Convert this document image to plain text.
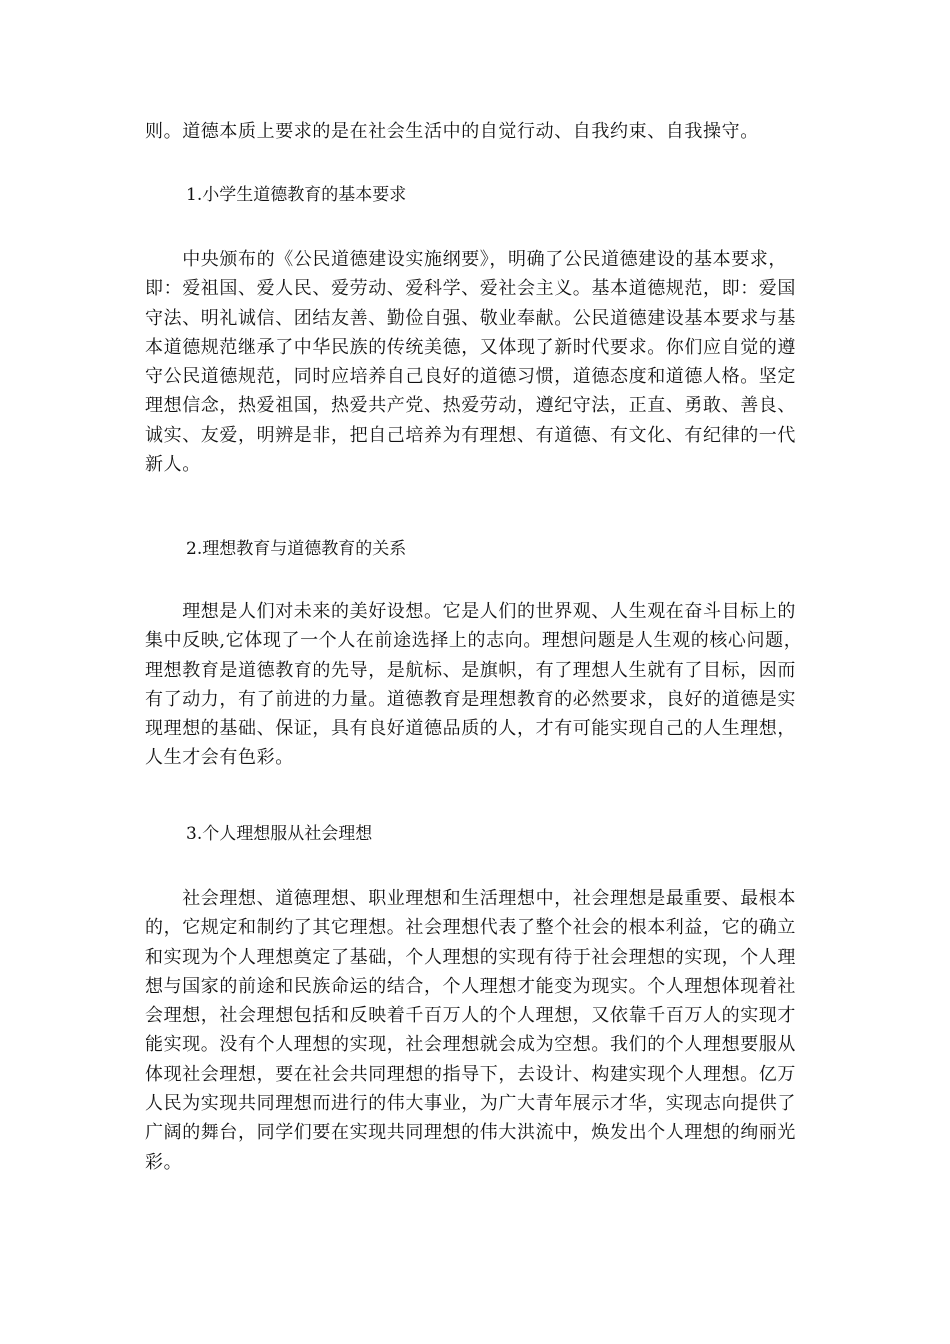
则。道德本质上要求的是在社会生活中的自觉行动、自我约束、自我操守。
1.小学生道德教育的基本要求
　　中央颁布的《公民道德建设实施纲要》，明确了公民道德建设的基本要求，
即：爱祖国、爱人民、爱劳动、爱科学、爱社会主义。基本道德规范，即：爱国
守法、明礼诚信、团结友善、勤俭自强、敬业奉献。公民道德建设基本要求与基
本道德规范继承了中华民族的传统美德，又体现了新时代要求。你们应自觉的遵
守公民道德规范，同时应培养自己良好的道德习惯，道德态度和道德人格。坚定
理想信念，热爱祖国，热爱共产党、热爱劳动，遵纪守法，正直、勇敢、善良、
诚实、友爱，明辨是非，把自己培养为有理想、有道德、有文化、有纪律的一代
新人。
2.理想教育与道德教育的关系
　　理想是人们对未来的美好设想。它是人们的世界观、人生观在奋斗目标上的
集中反映,它体现了一个人在前途选择上的志向。理想问题是人生观的核心问题，
理想教育是道德教育的先导，是航标、是旗帜，有了理想人生就有了目标，因而
有了动力，有了前进的力量。道德教育是理想教育的必然要求，良好的道德是实
现理想的基础、保证，具有良好道德品质的人，才有可能实现自己的人生理想，
人生才会有色彩。
3.个人理想服从社会理想
　　社会理想、道德理想、职业理想和生活理想中，社会理想是最重要、最根本
的，它规定和制约了其它理想。社会理想代表了整个社会的根本利益，它的确立
和实现为个人理想奠定了基础，个人理想的实现有待于社会理想的实现，个人理
想与国家的前途和民族命运的结合，个人理想才能变为现实。个人理想体现着社
会理想，社会理想包括和反映着千百万人的个人理想，又依靠千百万人的实现才
能实现。没有个人理想的实现，社会理想就会成为空想。我们的个人理想要服从
体现社会理想，要在社会共同理想的指导下，去设计、构建实现个人理想。亿万
人民为实现共同理想而进行的伟大事业，为广大青年展示才华，实现志向提供了
广阔的舞台，同学们要在实现共同理想的伟大洪流中，焕发出个人理想的绚丽光
彩。
